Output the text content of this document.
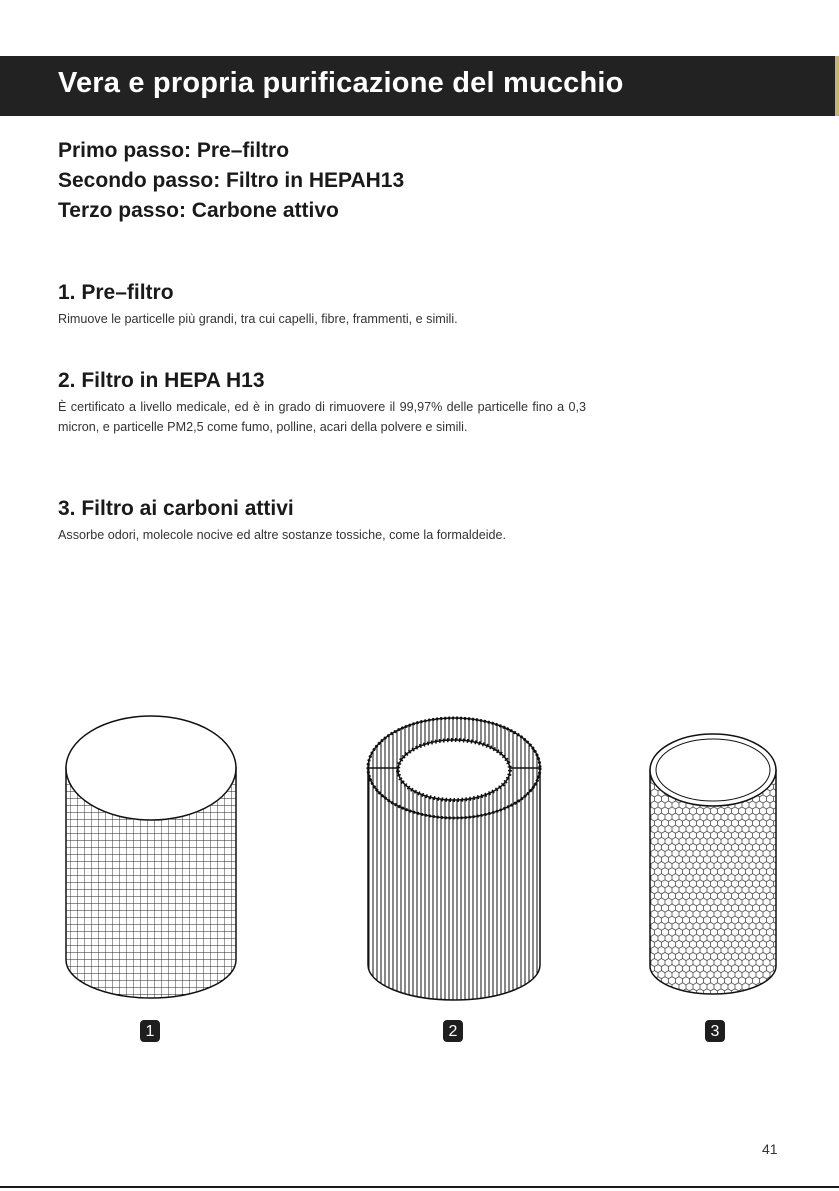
Vera e propria purificazione del mucchio

Primo passo: Pre–filtro

Secondo passo: Filtro in HEPAH13

Terzo passo: Carbone attivo

1. Pre–filtro

Rimuove le particelle più grandi, tra cui capelli, fibre, frammenti, e simili.

2. Filtro in HEPA H13

È certificato a livello medicale, ed è in grado di rimuovere il 99,97% delle particelle fino a 0,3 micron, e particelle PM2,5 come fumo, polline, acari della polvere e simili.

3. Filtro ai carboni attivi

Assorbe odori, molecole nocive ed altre sostanze tossiche, come la formaldeide.

1	2	3
41
